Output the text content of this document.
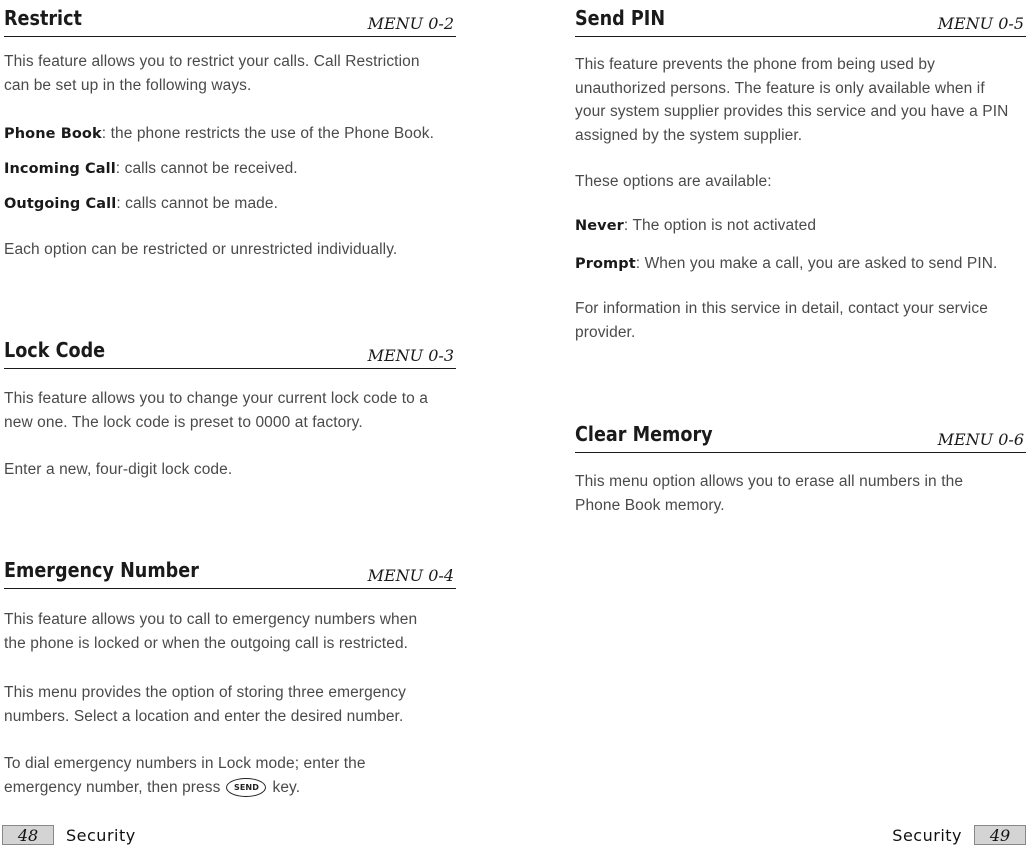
Restrict	MENU 0-2

This feature allows you to restrict your calls. Call Restriction
can be set up in the following ways.

Phone Book: the phone restricts the use of the Phone Book.

Incoming Call: calls cannot be received.

Outgoing Call: calls cannot be made.

Each option can be restricted or unrestricted individually.

Lock Code	MENU 0-3

This feature allows you to change your current lock code to a
new one. The lock code is preset to 0000 at factory.

Enter a new, four-digit lock code.

Emergency Number	MENU 0-4

This feature allows you to call to emergency numbers when
the phone is locked or when the outgoing call is restricted.

This menu provides the option of storing three emergency
numbers. Select a location and enter the desired number.

To dial emergency numbers in Lock mode; enter the
emergency number, then press SEND key.

48	Security
Send PIN	MENU 0-5

This feature prevents the phone from being used by
unauthorized persons. The feature is only available when if
your system supplier provides this service and you have a PIN
assigned by the system supplier.

These options are available:

Never: The option is not activated

Prompt: When you make a call, you are asked to send PIN.

For information in this service in detail, contact your service
provider.

Clear Memory	MENU 0-6

This menu option allows you to erase all numbers in the
Phone Book memory.

Security	49
